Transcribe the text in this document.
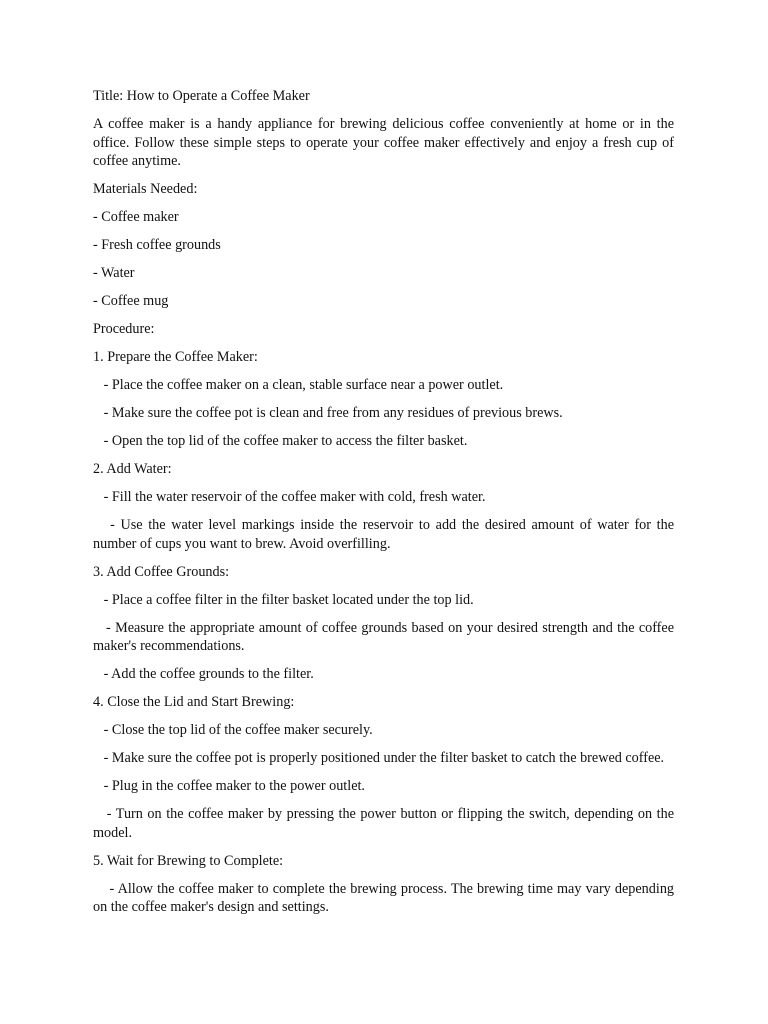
Title: How to Operate a Coffee Maker

A coffee maker is a handy appliance for brewing delicious coffee conveniently at home or in the office. Follow these simple steps to operate your coffee maker effectively and enjoy a fresh cup of coffee anytime.

Materials Needed:

- Coffee maker

- Fresh coffee grounds

- Water

- Coffee mug

Procedure:

1. Prepare the Coffee Maker:

- Place the coffee maker on a clean, stable surface near a power outlet.

- Make sure the coffee pot is clean and free from any residues of previous brews.

- Open the top lid of the coffee maker to access the filter basket.

2. Add Water:

- Fill the water reservoir of the coffee maker with cold, fresh water.

- Use the water level markings inside the reservoir to add the desired amount of water for the number of cups you want to brew. Avoid overfilling.

3. Add Coffee Grounds:

- Place a coffee filter in the filter basket located under the top lid.

- Measure the appropriate amount of coffee grounds based on your desired strength and the coffee maker's recommendations.

- Add the coffee grounds to the filter.

4. Close the Lid and Start Brewing:

- Close the top lid of the coffee maker securely.

- Make sure the coffee pot is properly positioned under the filter basket to catch the brewed coffee.

- Plug in the coffee maker to the power outlet.

- Turn on the coffee maker by pressing the power button or flipping the switch, depending on the model.

5. Wait for Brewing to Complete:

- Allow the coffee maker to complete the brewing process. The brewing time may vary depending on the coffee maker's design and settings.
